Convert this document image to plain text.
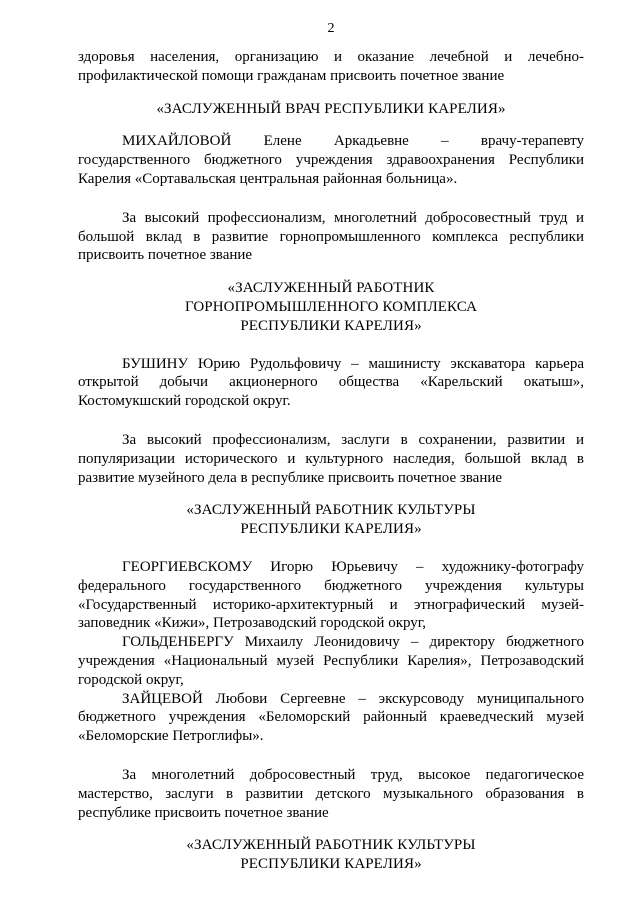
2

здоровья населения, организацию и оказание лечебной и лечебно-профилактической помощи гражданам присвоить почетное звание

«ЗАСЛУЖЕННЫЙ ВРАЧ РЕСПУБЛИКИ КАРЕЛИЯ»

МИХАЙЛОВОЙ Елене Аркадьевне – врачу-терапевту государственного бюджетного учреждения здравоохранения Республики Карелия «Сортавальская центральная районная больница».

За высокий профессионализм, многолетний добросовестный труд и большой вклад в развитие горнопромышленного комплекса республики присвоить почетное звание

«ЗАСЛУЖЕННЫЙ РАБОТНИК
ГОРНОПРОМЫШЛЕННОГО КОМПЛЕКСА
РЕСПУБЛИКИ КАРЕЛИЯ»

БУШИНУ Юрию Рудольфовичу – машинисту экскаватора карьера открытой добычи акционерного общества «Карельский окатыш», Костомукшский городской округ.

За высокий профессионализм, заслуги в сохранении, развитии и популяризации исторического и культурного наследия, большой вклад в развитие музейного дела в республике присвоить почетное звание

«ЗАСЛУЖЕННЫЙ РАБОТНИК КУЛЬТУРЫ
РЕСПУБЛИКИ КАРЕЛИЯ»

ГЕОРГИЕВСКОМУ Игорю Юрьевичу – художнику-фотографу федерального государственного бюджетного учреждения культуры «Государственный историко-архитектурный и этнографический музей-заповедник «Кижи», Петрозаводский городской округ,

ГОЛЬДЕНБЕРГУ Михаилу Леонидовичу – директору бюджетного учреждения «Национальный музей Республики Карелия», Петрозаводский городской округ,

ЗАЙЦЕВОЙ Любови Сергеевне – экскурсоводу муниципального бюджетного учреждения «Беломорский районный краеведческий музей «Беломорские Петроглифы».

За многолетний добросовестный труд, высокое педагогическое мастерство, заслуги в развитии детского музыкального образования в республике присвоить почетное звание

«ЗАСЛУЖЕННЫЙ РАБОТНИК КУЛЬТУРЫ
РЕСПУБЛИКИ КАРЕЛИЯ»
